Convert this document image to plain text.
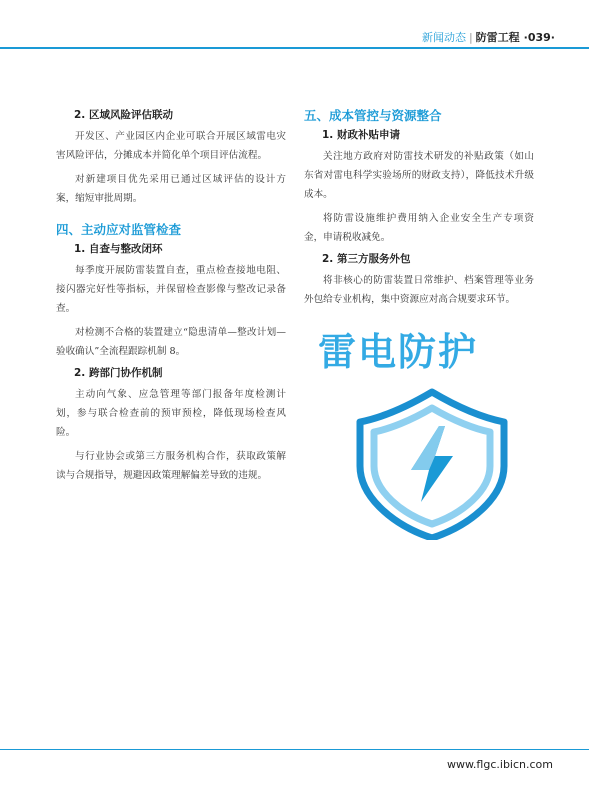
新闻动态 | 防雷工程 ·039·
2. 区域风险评估联动

开发区、产业园区内企业可联合开展区域雷电灾害风险评估，分摊成本并简化单个项目评估流程。

对新建项目优先采用已通过区域评估的设计方案，缩短审批周期。

四、主动应对监管检查
1. 自查与整改闭环

每季度开展防雷装置自查，重点检查接地电阻、接闪器完好性等指标，并保留检查影像与整改记录备查。

对检测不合格的装置建立“隐患清单—整改计划—验收确认”全流程跟踪机制 8。

2. 跨部门协作机制

主动向气象、应急管理等部门报备年度检测计划，参与联合检查前的预审预检，降低现场检查风险。

与行业协会或第三方服务机构合作，获取政策解读与合规指导，规避因政策理解偏差导致的违规。

五、成本管控与资源整合
1. 财政补贴申请

关注地方政府对防雷技术研发的补贴政策（如山东省对雷电科学实验场所的财政支持），降低技术升级成本。

将防雷设施维护费用纳入企业安全生产专项资金，申请税收减免。

2. 第三方服务外包

将非核心的防雷装置日常维护、档案管理等业务外包给专业机构，集中资源应对高合规要求环节。

雷电防护
www.flgc.ibicn.com
